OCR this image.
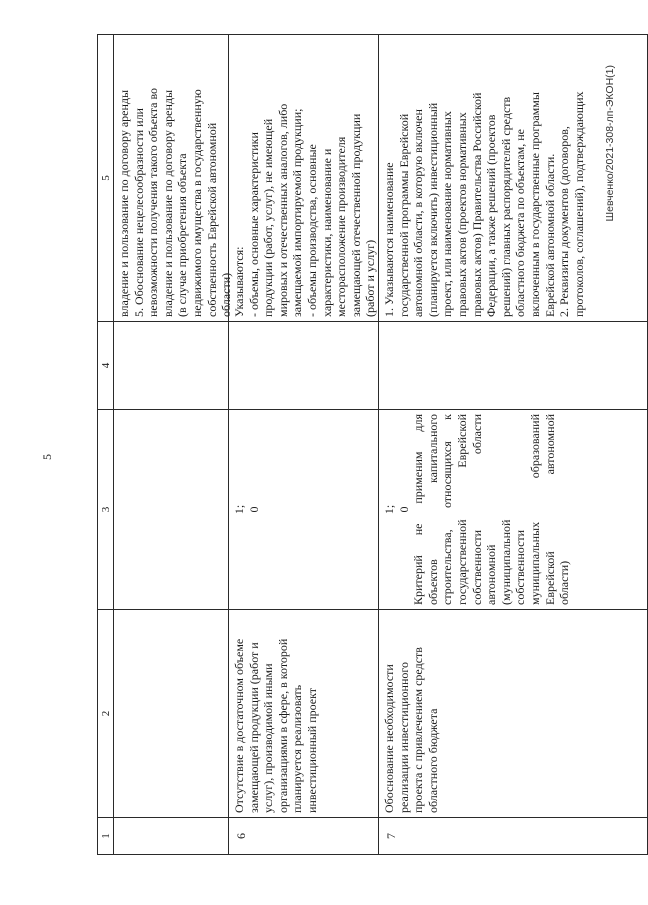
5
1
2
3
4
5 владение и пользование по договору аренды 5. Обоснование нецелесообразности или невозможности получения такого объекта во владение и пользование по договору аренды (в случае приобретения объекта недвижимого имущества в государственную собственность Еврейской автономной области)
6
Отсутствие в достаточном объеме замещающей продукции (работ и услуг), производимой иными организациями в сфере, в которой планируется реализовать инвестиционный проект
1; 0
Указываются: - объемы, основные характеристики продукции (работ, услуг), не имеющей мировых и отечественных аналогов, либо замещаемой импортируемой продукции; - объемы производства, основные характеристики, наименование и месторасположение производителя замещающей отечественной продукции (работ и услуг)
7
Обоснование необходимости реализации инвестиционного проекта с привлечением средств областного бюджета
1; 0 Критерий не применим для объектов капитального строительства, относящихся к государственной Еврейской собственности области автономной (муниципальной собственности муниципальных образований Еврейской автономной области)
1. Указываются наименование государственной программы Еврейской автономной области, в которую включен (планируется включить) инвестиционный проект, или наименование нормативных правовых актов (проектов нормативных правовых актов) Правительства Российской Федерации, а также решений (проектов решений) главных распорядителей средств областного бюджета по объектам, не включенным в государственные программы Еврейской автономной области. 2. Реквизиты документов (договоров, протоколов, соглашений), подтверждающих Шевченко/2021-308-лп-ЭКОН(1)
